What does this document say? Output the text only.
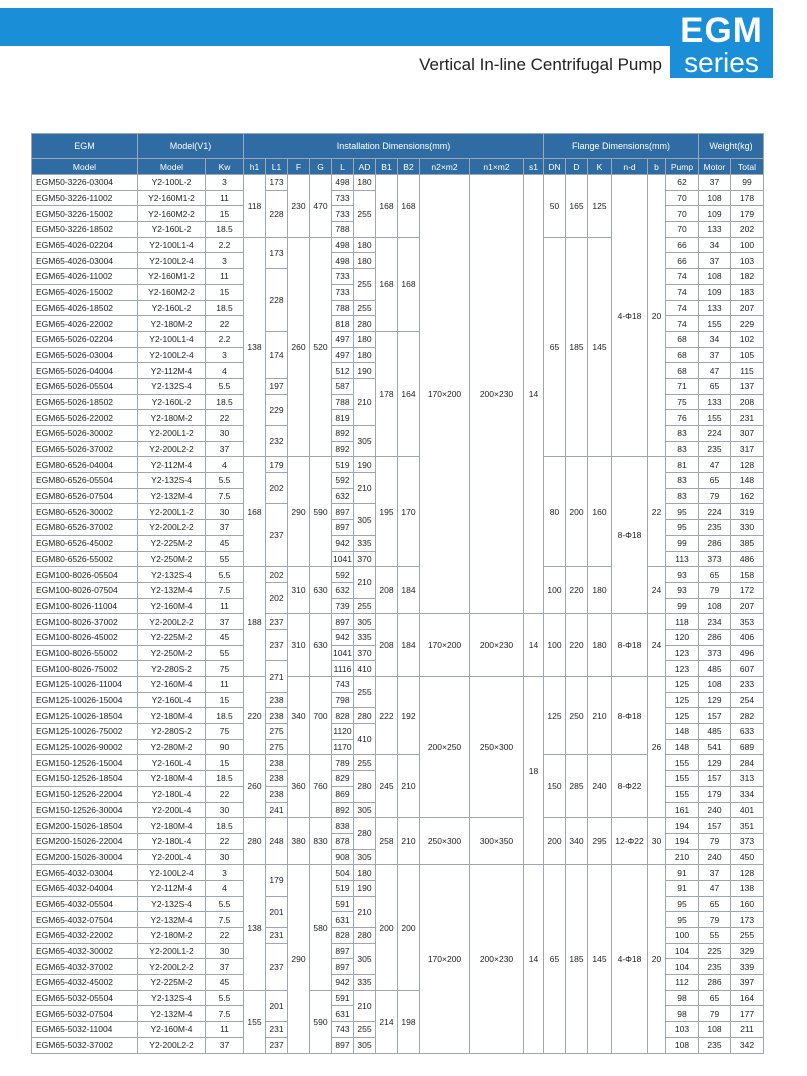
EGM
series
Vertical In-line Centrifugal Pump
EGM	Model(V1)		Installation Dimensions(mm)											Flange Dimensions(mm)						Weight(kg)	
Model	Model	Kw	h1	L1	F	G	L	AD	B1	B2	n2×m2	n1×m2	s1	DN	D	K	n-d	b	Pump	Motor	Total
EGM50-3226-03004	Y2-100L-2	3	118	173	230	470	498	180	168	168	170×200	200×230	14	50	165	125	4-Φ18	20	62	37	99
EGM50-3226-11002	Y2-160M1-2	11		228			733	255											70	108	178
EGM50-3226-15002	Y2-160M2-2	15					733												70	109	179
EGM50-3226-18502	Y2-160L-2	18.5					788												70	133	202
EGM65-4026-02204	Y2-100L1-4	2.2	138	173	260	520	498	180	168	168				65	185	145			66	34	100
EGM65-4026-03004	Y2-100L2-4	3					498	180											66	37	103
EGM65-4026-11002	Y2-160M1-2	11		228			733	255											74	108	182
EGM65-4026-15002	Y2-160M2-2	15					733												74	109	183
EGM65-4026-18502	Y2-160L-2	18.5					788	255											74	133	207
EGM65-4026-22002	Y2-180M-2	22					818	280											74	155	229
EGM65-5026-02204	Y2-100L1-4	2.2		174			497	180	178	164									68	34	102
EGM65-5026-03004	Y2-100L2-4	3					497	180											68	37	105
EGM65-5026-04004	Y2-112M-4	4					512	190											68	47	115
EGM65-5026-05504	Y2-132S-4	5.5		197			587	210											71	65	137
EGM65-5026-18502	Y2-160L-2	18.5		229			788												75	133	208
EGM65-5026-22002	Y2-180M-2	22					819												76	155	231
EGM65-5026-30002	Y2-200L1-2	30		232			892	305											83	224	307
EGM65-5026-37002	Y2-200L2-2	37					892												83	235	317
EGM80-6526-04004	Y2-112M-4	4	168	179	290	590	519	190	195	170				80	200	160	8-Φ18	22	81	47	128
EGM80-6526-05504	Y2-132S-4	5.5		202			592	210											83	65	148
EGM80-6526-07504	Y2-132M-4	7.5					632												83	79	162
EGM80-6526-30002	Y2-200L1-2	30		237			897	305											95	224	319
EGM80-6526-37002	Y2-200L2-2	37					897												95	235	330
EGM80-6526-45002	Y2-225M-2	45					942	335											99	286	385
EGM80-6526-55002	Y2-250M-2	55					1041	370											113	373	486
EGM100-8026-05504	Y2-132S-4	5.5	188	202	310	630	592	210	208	184				100	220	180		24	93	65	158
EGM100-8026-07504	Y2-132M-4	7.5		202			632												93	79	172
EGM100-8026-11004	Y2-160M-4	11					739	255											99	108	207
EGM100-8026-37002	Y2-200L2-2	37		237	310	630	897	305	208	184	170×200	200×230	14	100	220	180	8-Φ18	24	118	234	353
EGM100-8026-45002	Y2-225M-2	45		237			942	335											120	286	406
EGM100-8026-55002	Y2-250M-2	55					1041	370											123	373	496
EGM100-8026-75002	Y2-280S-2	75		271			1116	410											123	485	607
EGM125-10026-11004	Y2-160M-4	11	220		340	700	743	255	222	192	200×250	250×300	18	125	250	210	8-Φ18	26	125	108	233
EGM125-10026-15004	Y2-160L-4	15		238			798												125	129	254
EGM125-10026-18504	Y2-180M-4	18.5		238			828	280											125	157	282
EGM125-10026-75002	Y2-280S-2	75		275			1120	410											148	485	633
EGM125-10026-90002	Y2-280M-2	90		275			1170												148	541	689
EGM150-12526-15004	Y2-160L-4	15	260	238	360	760	789	255	245	210				150	285	240	8-Φ22		155	129	284
EGM150-12526-18504	Y2-180M-4	18.5		238			829	280											155	157	313
EGM150-12526-22004	Y2-180L-4	22		238			869												155	179	334
EGM150-12526-30004	Y2-200L-4	30		241			892	305											161	240	401
EGM200-15026-18504	Y2-180M-4	18.5	280	248	380	830	838	280	258	210	250×300	300×350		200	340	295	12-Φ22	30	194	157	351
EGM200-15026-22004	Y2-180L-4	22					878												194	79	373
EGM200-15026-30004	Y2-200L-4	30					908	305											210	240	450
EGM65-4032-03004	Y2-100L2-4	3	138	179	290	580	504	180	200	200	170×200	200×230	14	65	185	145	4-Φ18	20	91	37	128
EGM65-4032-04004	Y2-112M-4	4					519	190											91	47	138
EGM65-4032-05504	Y2-132S-4	5.5		201			591	210											95	65	160
EGM65-4032-07504	Y2-132M-4	7.5					631												95	79	173
EGM65-4032-22002	Y2-180M-2	22		231			828	280											100	55	255
EGM65-4032-30002	Y2-200L1-2	30		237			897	305											104	225	329
EGM65-4032-37002	Y2-200L2-2	37					897												104	235	339
EGM65-4032-45002	Y2-225M-2	45					942	335											112	286	397
EGM65-5032-05504	Y2-132S-4	5.5	155	201		590	591	210	214	198									98	65	164
EGM65-5032-07504	Y2-132M-4	7.5					631												98	79	177
EGM65-5032-11004	Y2-160M-4	11		231			743	255											103	108	211
EGM65-5032-37002	Y2-200L2-2	37		237			897	305											108	235	342
